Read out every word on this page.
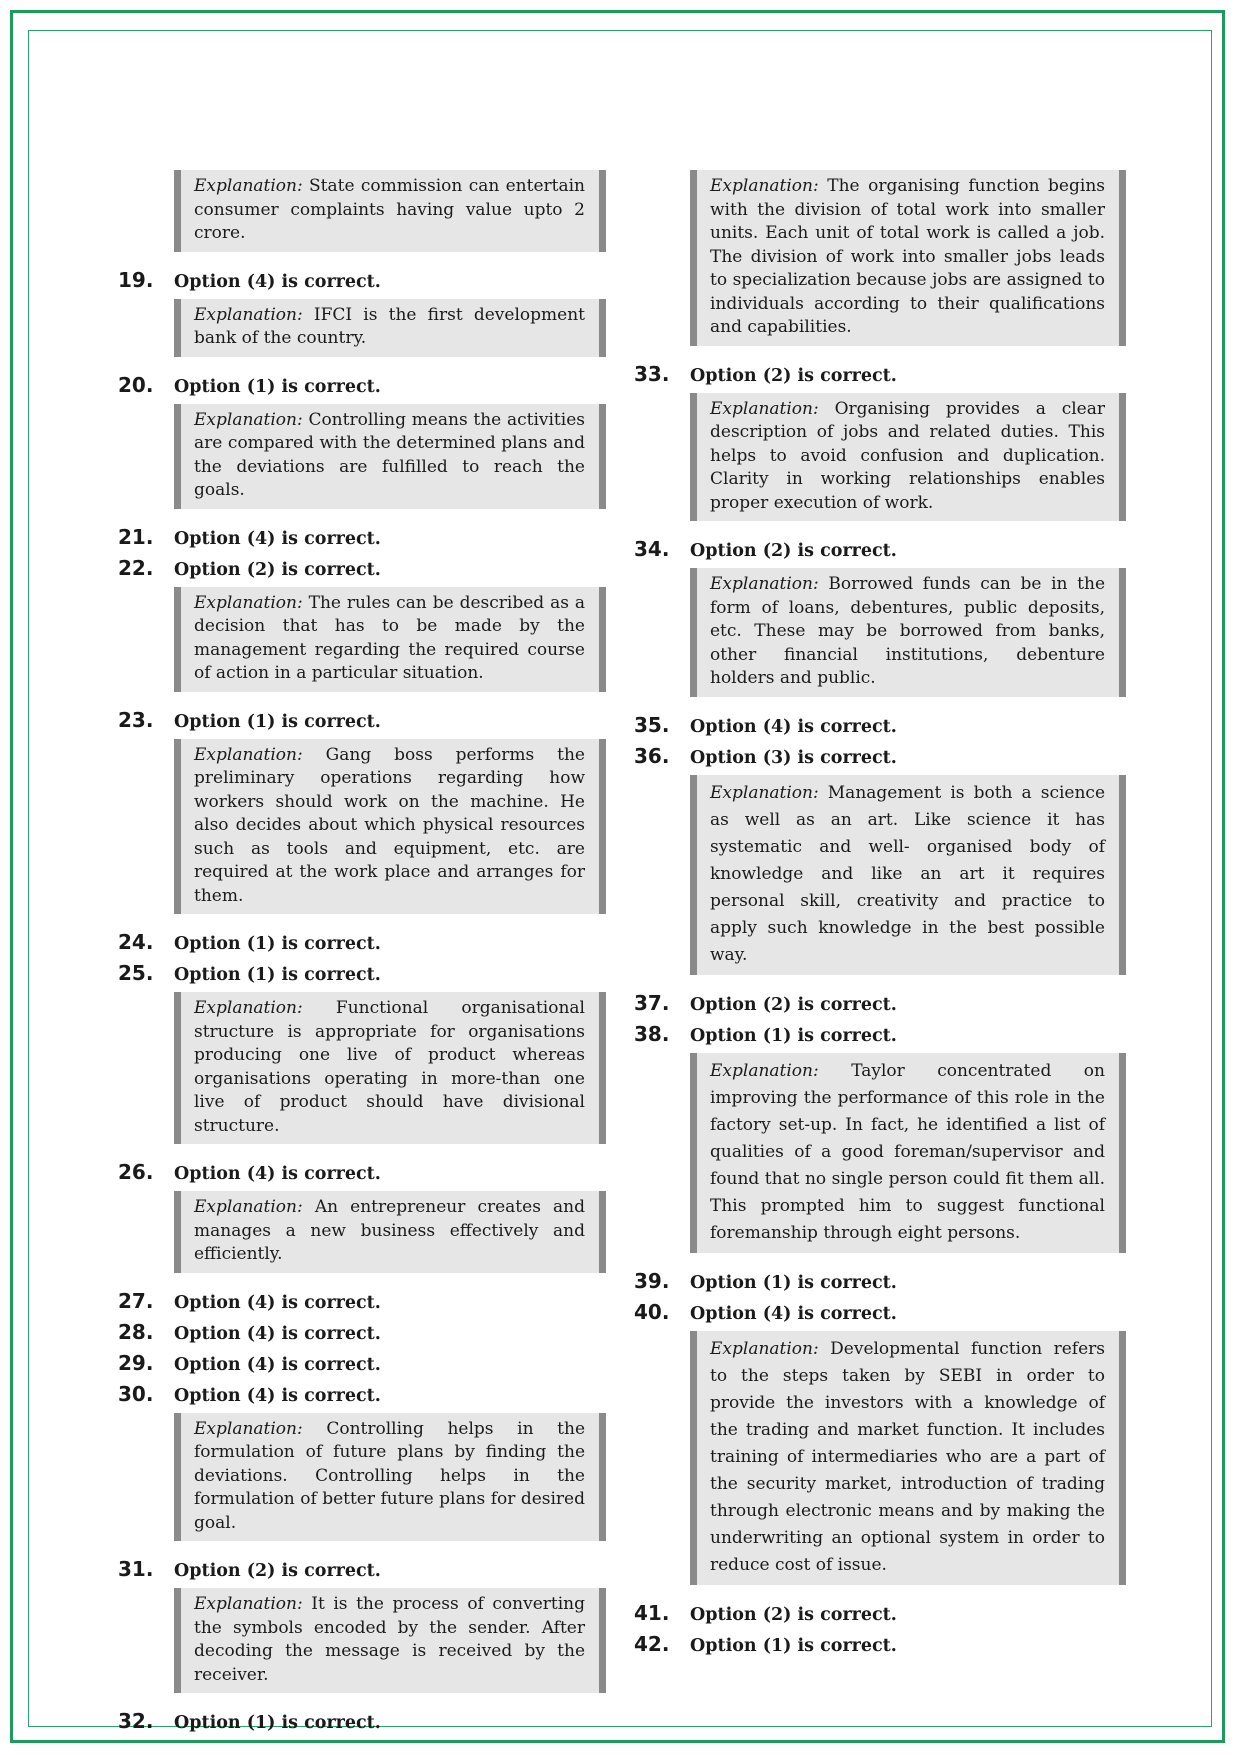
Explanation: State commission can entertain consumer complaints having value upto 2 crore.
19.	Option (4) is correct.
Explanation: IFCI is the first development bank of the country.
20.	Option (1) is correct.
Explanation: Controlling means the activities are compared with the determined plans and the deviations are fulfilled to reach the goals.
21.	Option (4) is correct.
22.	Option (2) is correct.
Explanation: The rules can be described as a decision that has to be made by the management regarding the required course of action in a particular situation.
23.	Option (1) is correct.
Explanation: Gang boss performs the preliminary operations regarding how workers should work on the machine. He also decides about which physical resources such as tools and equipment, etc. are required at the work place and arranges for them.
24.	Option (1) is correct.
25.	Option (1) is correct.
Explanation: Functional organisational structure is appropriate for organisations producing one live of product whereas organisations operating in more-than one live of product should have divisional structure.
26.	Option (4) is correct.
Explanation: An entrepreneur creates and manages a new business effectively and efficiently.
27.	Option (4) is correct.
28.	Option (4) is correct.
29.	Option (4) is correct.
30.	Option (4) is correct.
Explanation: Controlling helps in the formulation of future plans by finding the deviations. Controlling helps in the formulation of better future plans for desired goal.
31.	Option (2) is correct.
Explanation: It is the process of converting the symbols encoded by the sender. After decoding the message is received by the receiver.
32.	Option (1) is correct.
Explanation: The organising function begins with the division of total work into smaller units. Each unit of total work is called a job. The division of work into smaller jobs leads to specialization because jobs are assigned to individuals according to their qualifications and capabilities.
33.	Option (2) is correct.
Explanation: Organising provides a clear description of jobs and related duties. This helps to avoid confusion and duplication. Clarity in working relationships enables proper execution of work.
34.	Option (2) is correct.
Explanation: Borrowed funds can be in the form of loans, debentures, public deposits, etc. These may be borrowed from banks, other financial institutions, debenture holders and public.
35.	Option (4) is correct.
36.	Option (3) is correct.
Explanation: Management is both a science as well as an art. Like science it has systematic and well- organised body of knowledge and like an art it requires personal skill, creativity and practice to apply such knowledge in the best possible way.
37.	Option (2) is correct.
38.	Option (1) is correct.
Explanation: Taylor concentrated on improving the performance of this role in the factory set-up. In fact, he identified a list of qualities of a good foreman/supervisor and found that no single person could fit them all. This prompted him to suggest functional foremanship through eight persons.
39.	Option (1) is correct.
40.	Option (4) is correct.
Explanation: Developmental function refers to the steps taken by SEBI in order to provide the investors with a knowledge of the trading and market function. It includes training of intermediaries who are a part of the security market, introduction of trading through electronic means and by making the underwriting an optional system in order to reduce cost of issue.
41.	Option (2) is correct.
42.	Option (1) is correct.
